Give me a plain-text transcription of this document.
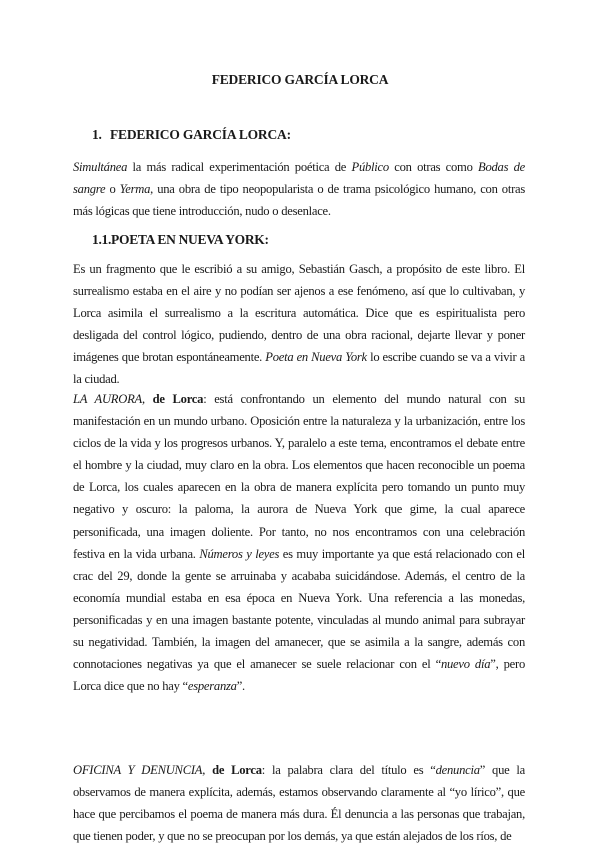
FEDERICO GARCÍA LORCA
1. FEDERICO GARCÍA LORCA:
Simultánea la más radical experimentación poética de Público con otras como Bodas de sangre o Yerma, una obra de tipo neopopularista o de trama psicológico humano, con otras más lógicas que tiene introducción, nudo o desenlace.
1.1.POETA EN NUEVA YORK:
Es un fragmento que le escribió a su amigo, Sebastián Gasch, a propósito de este libro. El surrealismo estaba en el aire y no podían ser ajenos a ese fenómeno, así que lo cultivaban, y Lorca asimila el surrealismo a la escritura automática. Dice que es espiritualista pero desligada del control lógico, pudiendo, dentro de una obra racional, dejarte llevar y poner imágenes que brotan espontáneamente. Poeta en Nueva York lo escribe cuando se va a vivir a la ciudad.
LA AURORA, de Lorca: está confrontando un elemento del mundo natural con su manifestación en un mundo urbano. Oposición entre la naturaleza y la urbanización, entre los ciclos de la vida y los progresos urbanos. Y, paralelo a este tema, encontramos el debate entre el hombre y la ciudad, muy claro en la obra. Los elementos que hacen reconocible un poema de Lorca, los cuales aparecen en la obra de manera explícita pero tomando un punto muy negativo y oscuro: la paloma, la aurora de Nueva York que gime, la cual aparece personificada, una imagen doliente. Por tanto, no nos encontramos con una celebración festiva en la vida urbana. Números y leyes es muy importante ya que está relacionado con el crac del 29, donde la gente se arruinaba y acababa suicidándose. Además, el centro de la economía mundial estaba en esa época en Nueva York. Una referencia a las monedas, personificadas y en una imagen bastante potente, vinculadas al mundo animal para subrayar su negatividad. También, la imagen del amanecer, que se asimila a la sangre, además con connotaciones negativas ya que el amanecer se suele relacionar con el “nuevo día”, pero Lorca dice que no hay “esperanza”.
OFICINA Y DENUNCIA, de Lorca: la palabra clara del título es “denuncia” que la observamos de manera explícita, además, estamos observando claramente al “yo lírico”, que hace que percibamos el poema de manera más dura. Él denuncia a las personas que trabajan, que tienen poder, y que no se preocupan por los demás, ya que están alejados de los ríos, de
